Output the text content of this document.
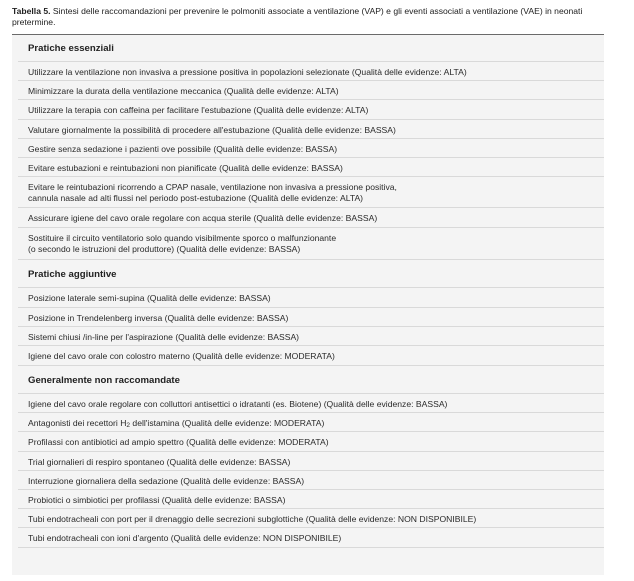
Tabella 5. Sintesi delle raccomandazioni per prevenire le polmoniti associate a ventilazione (VAP) e gli eventi associati a ventilazione (VAE) in neonati pretermine.
Pratiche essenziali
Utilizzare la ventilazione non invasiva a pressione positiva in popolazioni selezionate (Qualità delle evidenze: ALTA)
Minimizzare la durata della ventilazione meccanica (Qualità delle evidenze: ALTA)
Utilizzare la terapia con caffeina per facilitare l'estubazione (Qualità delle evidenze: ALTA)
Valutare giornalmente la possibilità di procedere all'estubazione (Qualità delle evidenze: BASSA)
Gestire senza sedazione i pazienti ove possibile (Qualità delle evidenze: BASSA)
Evitare estubazioni e reintubazioni non pianificate (Qualità delle evidenze: BASSA)
Evitare le reintubazioni ricorrendo a CPAP nasale, ventilazione non invasiva a pressione positiva,
cannula nasale ad alti flussi nel periodo post-estubazione (Qualità delle evidenze: ALTA)
Assicurare igiene del cavo orale regolare con acqua sterile (Qualità delle evidenze: BASSA)
Sostituire il circuito ventilatorio solo quando visibilmente sporco o malfunzionante
(o secondo le istruzioni del produttore) (Qualità delle evidenze: BASSA)
Pratiche aggiuntive
Posizione laterale semi-supina (Qualità delle evidenze: BASSA)
Posizione in Trendelenberg inversa (Qualità delle evidenze: BASSA)
Sistemi chiusi /in-line per l'aspirazione (Qualità delle evidenze: BASSA)
Igiene del cavo orale con colostro materno (Qualità delle evidenze: MODERATA)
Generalmente non raccomandate
Igiene del cavo orale regolare con colluttori antisettici o idratanti (es. Biotene) (Qualità delle evidenze: BASSA)
Antagonisti dei recettori H2 dell'istamina (Qualità delle evidenze: MODERATA)
Profilassi con antibiotici ad ampio spettro (Qualità delle evidenze: MODERATA)
Trial giornalieri di respiro spontaneo (Qualità delle evidenze: BASSA)
Interruzione giornaliera della sedazione (Qualità delle evidenze: BASSA)
Probiotici o simbiotici per profilassi (Qualità delle evidenze: BASSA)
Tubi endotracheali con port per il drenaggio delle secrezioni subglottiche (Qualità delle evidenze: NON DISPONIBILE)
Tubi endotracheali con ioni d'argento (Qualità delle evidenze: NON DISPONIBILE)
